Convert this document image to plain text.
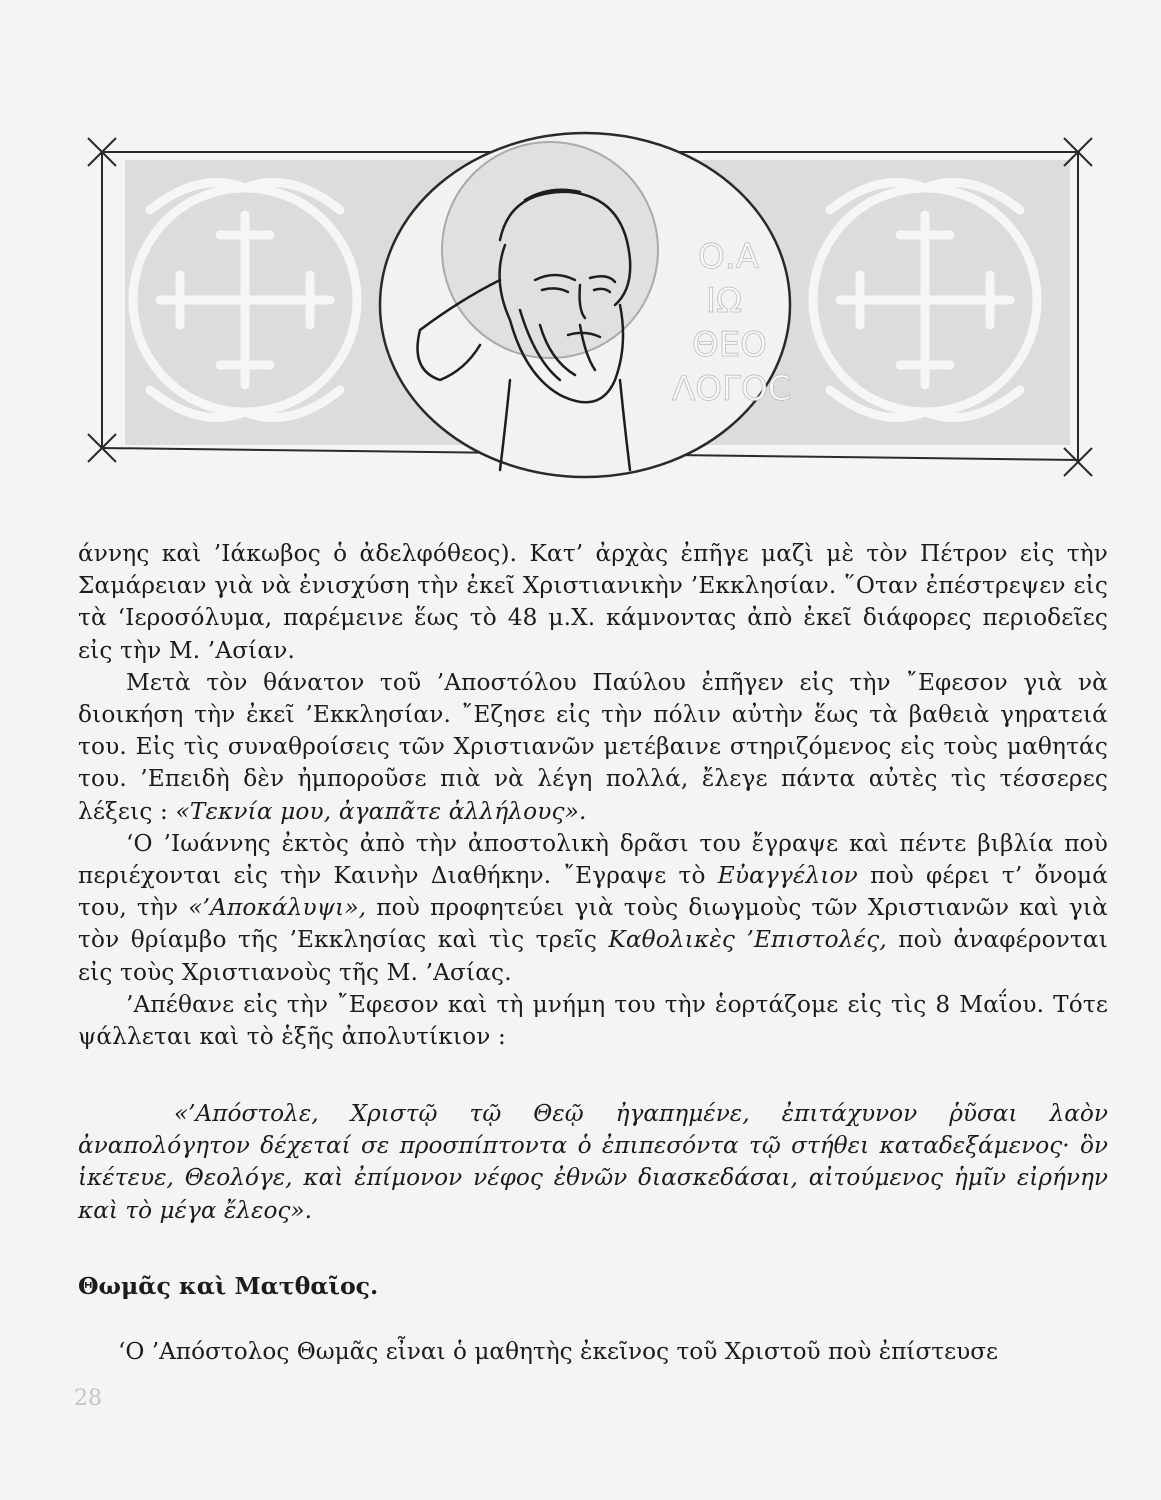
Ο.Α
ΙΩ
ΘΕΟ
ΛΟΓΟϹ

άννης καὶ ’Ιάκωβος ὁ ἀδελφόθεος). Κατ’ ἀρχὰς ἐπῆγε μαζὶ μὲ τὸν Πέτρον εἰς τὴν Σαμάρειαν γιὰ νὰ ἐνισχύση τὴν ἐκεῖ Χριστιανικὴν ’Εκκλησίαν. ῞Οταν ἐπέστρεψεν εἰς τὰ ‘Ιεροσόλυμα, παρέμεινε ἕως τὸ 48 μ.Χ. κάμνοντας ἀπὸ ἐκεῖ διάφορες περιοδεῖες εἰς τὴν Μ. ’Ασίαν.

Μετὰ τὸν θάνατον τοῦ ’Αποστόλου Παύλου ἐπῆγεν εἰς τὴν ῎Εφεσον γιὰ νὰ διοικήση τὴν ἐκεῖ ’Εκκλησίαν. ῎Εζησε εἰς τὴν πόλιν αὐτὴν ἕως τὰ βαθειὰ γηρατειά του. Εἰς τὶς συναθροίσεις τῶν Χριστιανῶν μετέβαινε στηριζόμενος εἰς τοὺς μαθητάς του. ’Επειδὴ δὲν ἠμποροῦσε πιὰ νὰ λέγη πολλά, ἔλεγε πάντα αὐτὲς τὶς τέσσερες λέξεις : «Τεκνία μου, ἀγαπᾶτε ἀλλήλους».

‘Ο ’Ιωάννης ἐκτὸς ἀπὸ τὴν ἀποστολικὴ δρᾶσι του ἔγραψε καὶ πέντε βιβλία ποὺ περιέχονται εἰς τὴν Καινὴν Διαθήκην. ῎Εγραψε τὸ Εὐαγγέλιον ποὺ φέρει τ’ ὄνομά του, τὴν «’Αποκάλυψι», ποὺ προφητεύει γιὰ τοὺς διωγμοὺς τῶν Χριστιανῶν καὶ γιὰ τὸν θρίαμβο τῆς ’Εκκλησίας καὶ τὶς τρεῖς Καθολικὲς ’Επιστολές, ποὺ ἀναφέρονται εἰς τοὺς Χριστιανοὺς τῆς Μ. ’Ασίας.

’Απέθανε εἰς τὴν ῎Εφεσον καὶ τὴ μνήμη του τὴν ἑορτάζομε εἰς τὶς 8 Μαΐου. Τότε ψάλλεται καὶ τὸ ἑξῆς ἀπολυτίκιον :

«’Απόστολε, Χριστῷ τῷ Θεῷ ἠγαπημένε, ἐπιτάχυνον ῥῦσαι λαὸν ἀναπολόγητον δέχεταί σε προσπίπτοντα ὁ ἐπιπεσόντα τῷ στήθει καταδεξάμενος· ὃν ἱκέτευε, Θεολόγε, καὶ ἐπίμονον νέφος ἐθνῶν διασκεδάσαι, αἰτούμενος ἡμῖν εἰρήνην καὶ τὸ μέγα ἔλεος».

Θωμᾶς καὶ Ματθαῖος.

‘Ο ’Απόστολος Θωμᾶς εἶναι ὁ μαθητὴς ἐκεῖνος τοῦ Χριστοῦ ποὺ ἐπίστευσε

28
